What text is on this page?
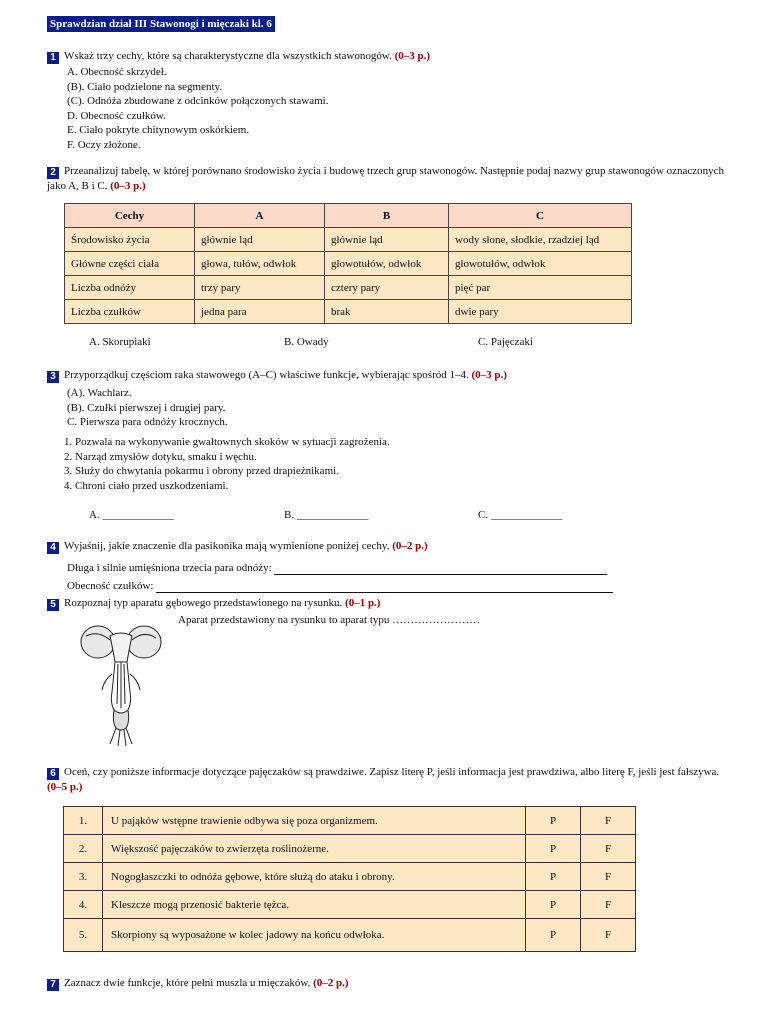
Sprawdzian dział III Stawonogi i mięczaki kl. 6
1 Wskaż trzy cechy, które są charakterystyczne dla wszystkich stawonogów. (0–3 p.)
A. Obecność skrzydeł.
(B). Ciało podzielone na segmenty.
(C). Odnóża zbudowane z odcinków połączonych stawami.
D. Obecność czułków.
E. Ciało pokryte chitynowym oskórkiem.
F. Oczy złożone.
2 Przeanalizuj tabelę, w której porównano środowisko życia i budowę trzech grup stawonogów. Następnie podaj nazwy grup stawonogów oznaczonych jako A, B i C. (0–3 p.)
Cechy	A	B	C
Środowisko życia	głównie ląd	głównie ląd	wody słone, słodkie, rzadziej ląd
Główne części ciała	głowa, tułów, odwłok	głowotułów, odwłok	głowotułów, odwłok
Liczba odnóży	trzy pary	cztery pary	pięć par
Liczba czułków	jedna para	brak	dwie pary
A. Skorupiaki	B. Owady	C. Pajęczaki
3 Przyporządkuj częściom raka stawowego (A–C) właściwe funkcje, wybierając spośród 1–4. (0–3 p.)
(A). Wachlarz.
(B). Czułki pierwszej i drugiej pary.
C. Pierwsza para odnóży krocznych.
1. Pozwala na wykonywanie gwałtownych skoków w sytuacji zagrożenia.
2. Narząd zmysłów dotyku, smaku i węchu.
3. Służy do chwytania pokarmu i obrony przed drapieżnikami.
4. Chroni ciało przed uszkodzeniami.
A. _____________	B. _____________	C. _____________
4 Wyjaśnij, jakie znaczenie dla pasikonika mają wymienione poniżej cechy. (0–2 p.)
Długa i silnie umięśniona trzecia para odnóży:
Obecność czułków:
5 Rozpoznaj typ aparatu gębowego przedstawionego na rysunku. (0–1 p.)
Aparat przedstawiony na rysunku to aparat typu ……………………
6 Oceń, czy poniższe informacje dotyczące pajęczaków są prawdziwe. Zapisz literę P, jeśli informacja jest prawdziwa, albo literę F, jeśli jest fałszywa. (0–5 p.)
1.	U pająków wstępne trawienie odbywa się poza organizmem.	P	F
2.	Większość pajęczaków to zwierzęta roślinożerne.	P	F
3.	Nogogłaszczki to odnóża gębowe, które służą do ataku i obrony.	P	F
4.	Kleszcze mogą przenosić bakterie tężca.	P	F
5.	Skorpiony są wyposażone w kolec jadowy na końcu odwłoka.	P	F
7 Zaznacz dwie funkcje, które pełni muszla u mięczaków. (0–2 p.)
